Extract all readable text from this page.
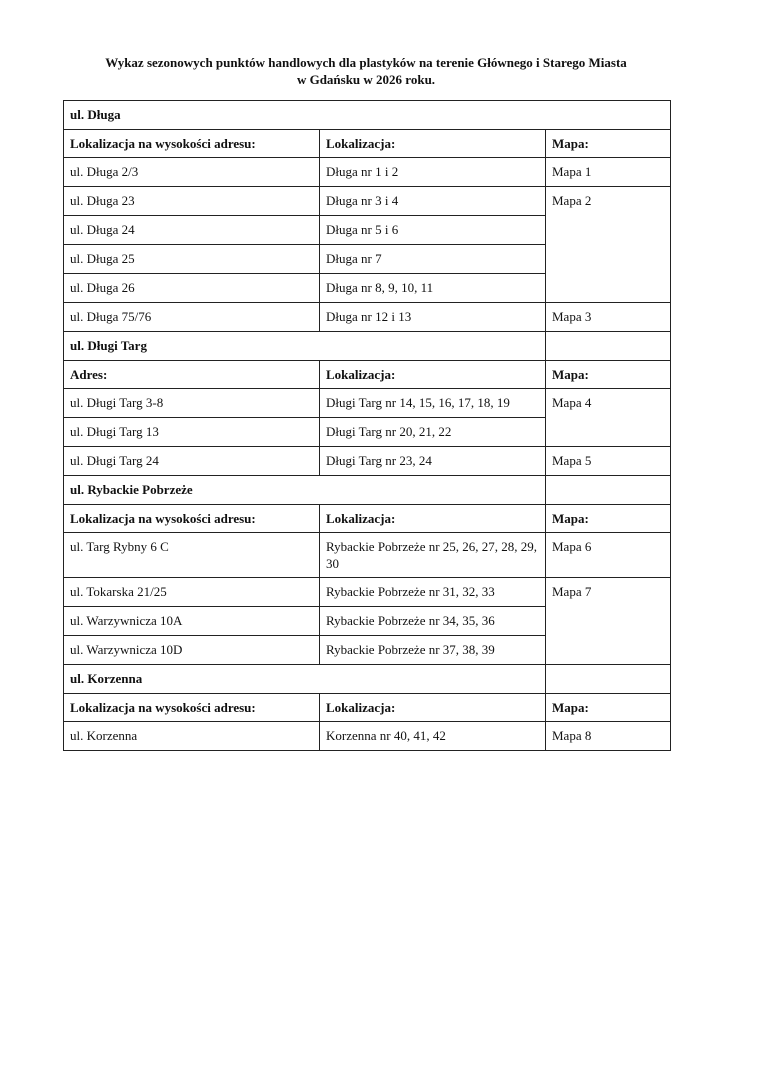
Wykaz sezonowych punktów handlowych dla plastyków na terenie Głównego i Starego Miasta
w Gdańsku w 2026 roku.
ul. Długa		
Lokalizacja na wysokości adresu:	Lokalizacja:	Mapa:
ul. Długa 2/3	Długa nr 1 i 2	Mapa 1
ul. Długa 23	Długa nr 3 i 4	Mapa 2
ul. Długa 24	Długa nr 5 i 6	
ul. Długa 25	Długa nr 7	
ul. Długa 26	Długa nr 8, 9, 10, 11	
ul. Długa 75/76	Długa nr 12 i 13	Mapa 3
ul. Długi Targ		
Adres:	Lokalizacja:	Mapa:
ul. Długi Targ 3-8	Długi Targ nr 14, 15, 16, 17, 18, 19	Mapa 4
ul. Długi Targ 13	Długi Targ nr 20, 21, 22	
ul. Długi Targ 24	Długi Targ nr 23, 24	Mapa 5
ul. Rybackie Pobrzeże		
Lokalizacja na wysokości adresu:	Lokalizacja:	Mapa:
ul. Targ Rybny 6 C	Rybackie Pobrzeże nr 25, 26, 27, 28, 29, 30	Mapa 6
ul. Tokarska 21/25	Rybackie Pobrzeże nr 31, 32, 33	Mapa 7
ul. Warzywnicza 10A	Rybackie Pobrzeże nr 34, 35, 36	
ul. Warzywnicza 10D	Rybackie Pobrzeże nr 37, 38, 39	
ul. Korzenna		
Lokalizacja na wysokości adresu:	Lokalizacja:	Mapa:
ul. Korzenna	Korzenna nr 40, 41, 42	Mapa 8
